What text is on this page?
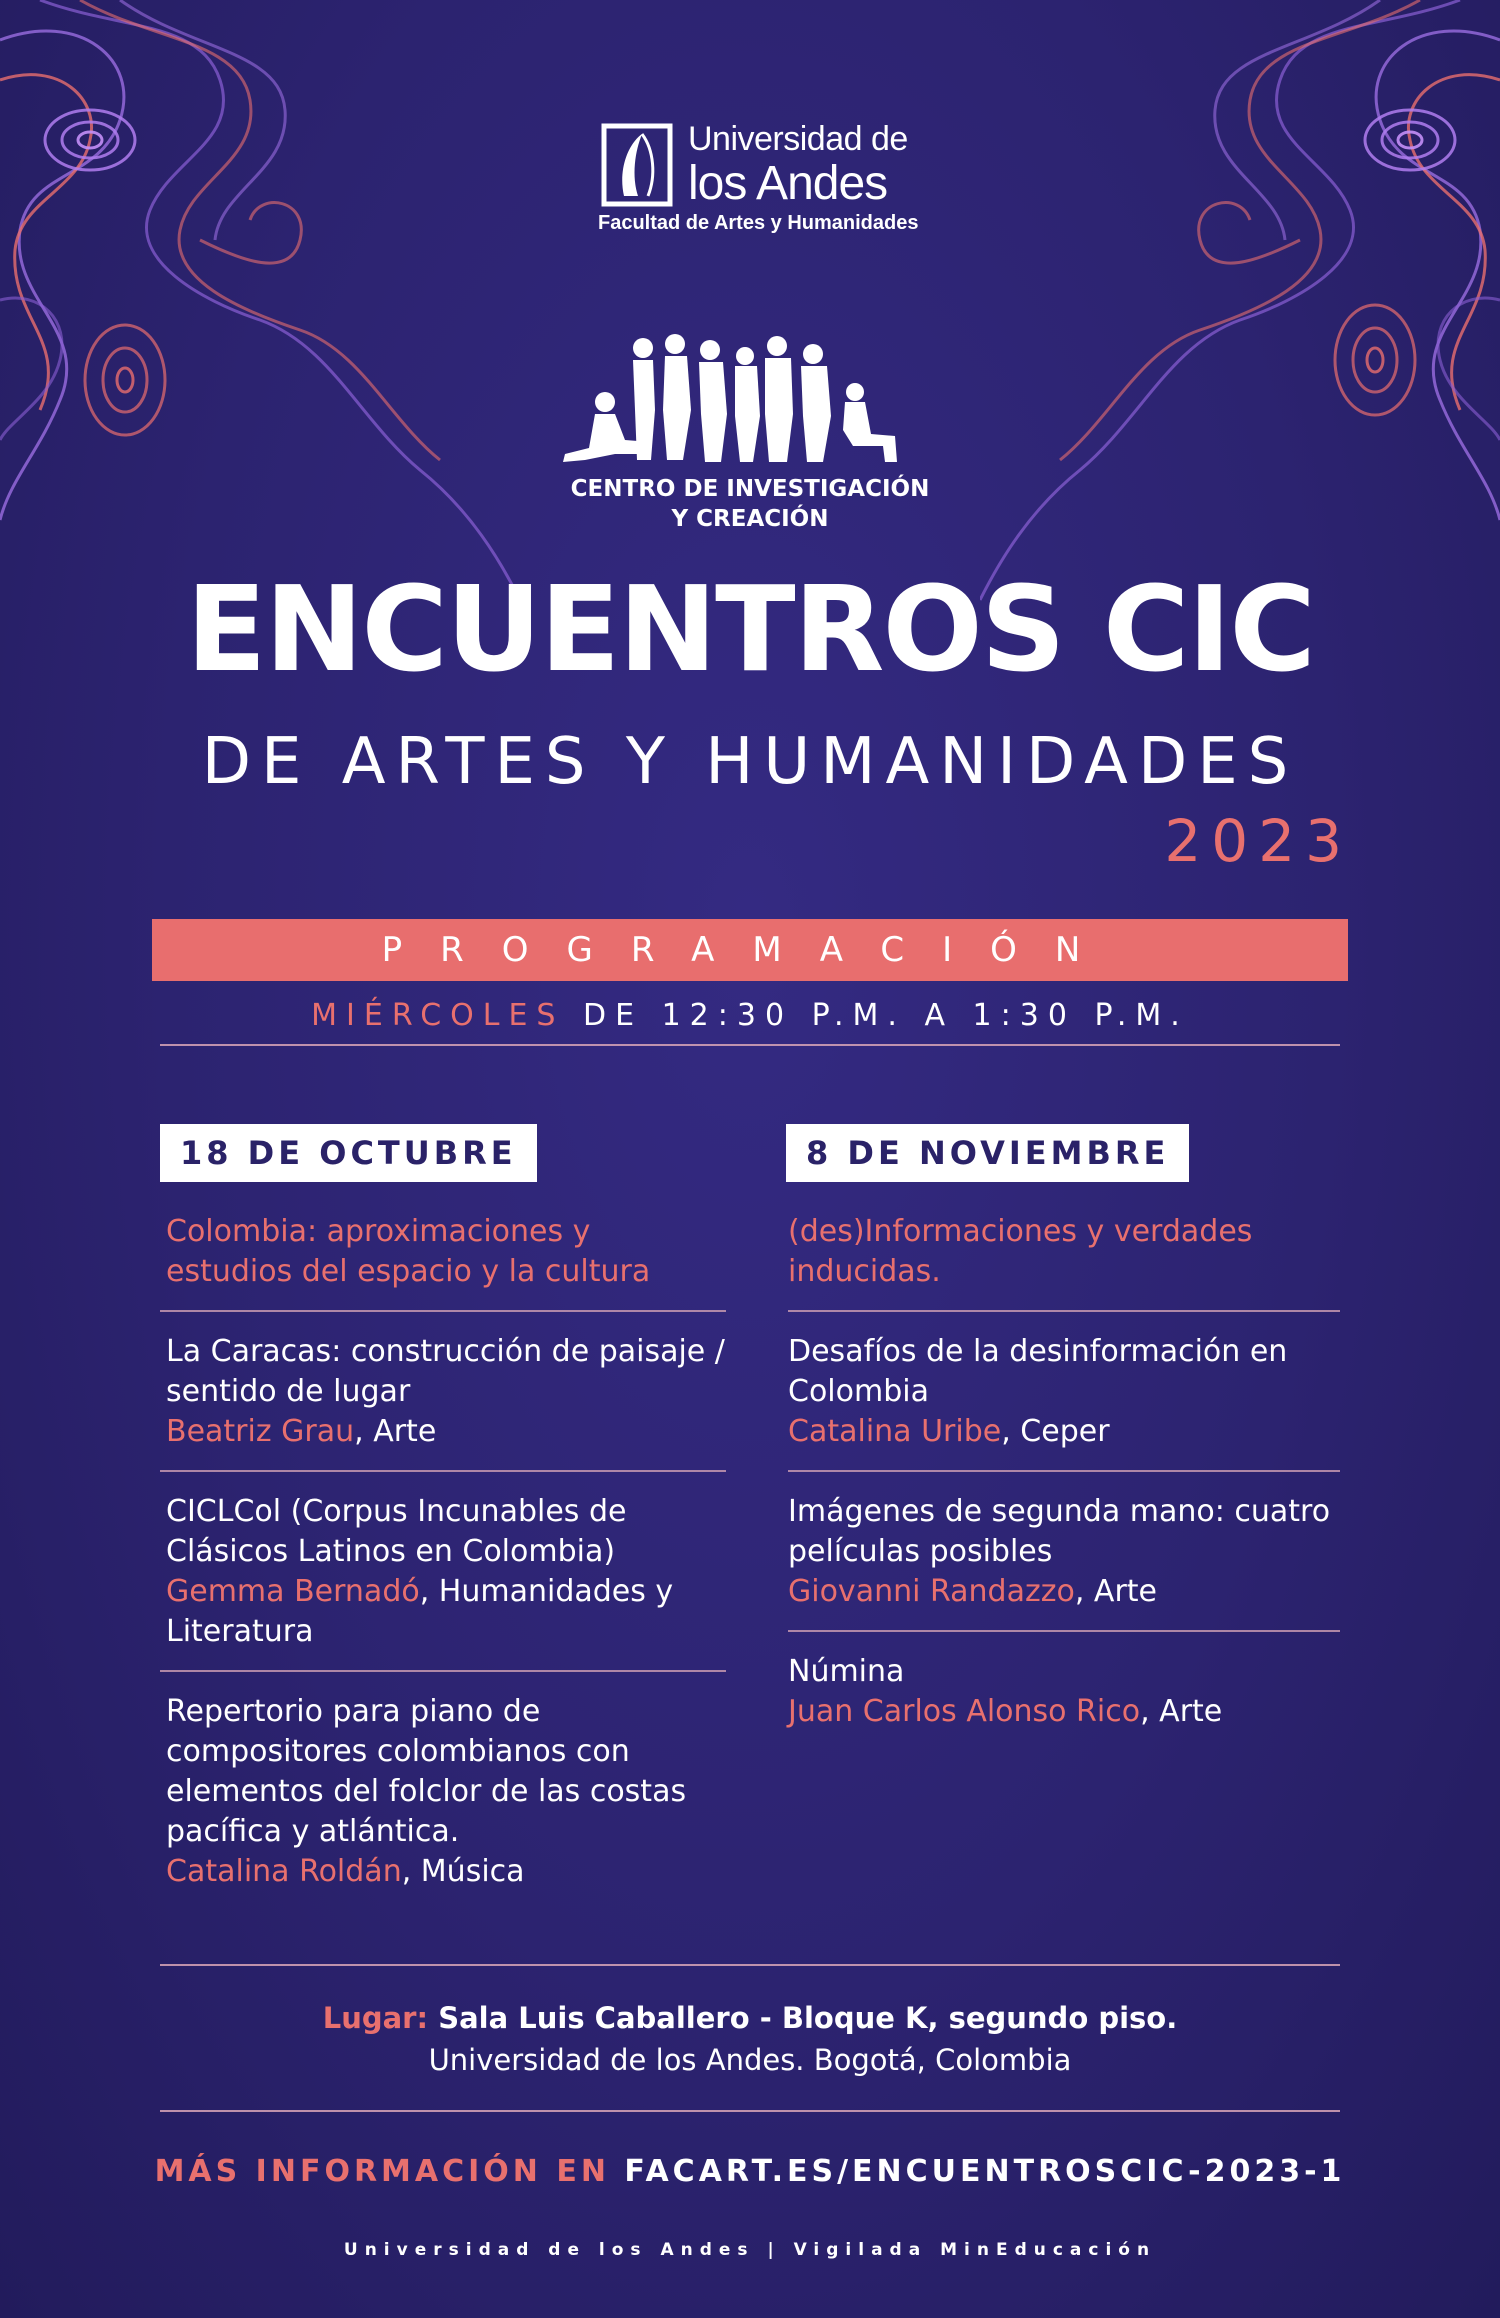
Universidad de
los Andes
Facultad de Artes y Humanidades
CENTRO DE INVESTIGACIÓN
Y CREACIÓN
ENCUENTROS CIC
DE ARTES Y HUMANIDADES
2023
PROGRAMACIÓN
MIÉRCOLES DE 12:30 P.M. A 1:30 P.M.
18 DE OCTUBRE
Colombia: aproximaciones y estudios del espacio y la cultura
La Caracas: construcción de paisaje / sentido de lugar
Beatriz Grau, Arte
CICLCol (Corpus Incunables de Clásicos Latinos en Colombia)
Gemma Bernadó, Humanidades y Literatura
Repertorio para piano de compositores colombianos con elementos del folclor de las costas pacífica y atlántica.
Catalina Roldán, Música
8 DE NOVIEMBRE
(des)Informaciones y verdades inducidas.
Desafíos de la desinformación en Colombia
Catalina Uribe, Ceper
Imágenes de segunda mano: cuatro películas posibles
Giovanni Randazzo, Arte
Númina
Juan Carlos Alonso Rico, Arte
Lugar: Sala Luis Caballero - Bloque K, segundo piso.
Universidad de los Andes. Bogotá, Colombia
MÁS INFORMACIÓN EN FACART.ES/ENCUENTROSCIC-2023-1
Universidad de los Andes | Vigilada MinEducación
